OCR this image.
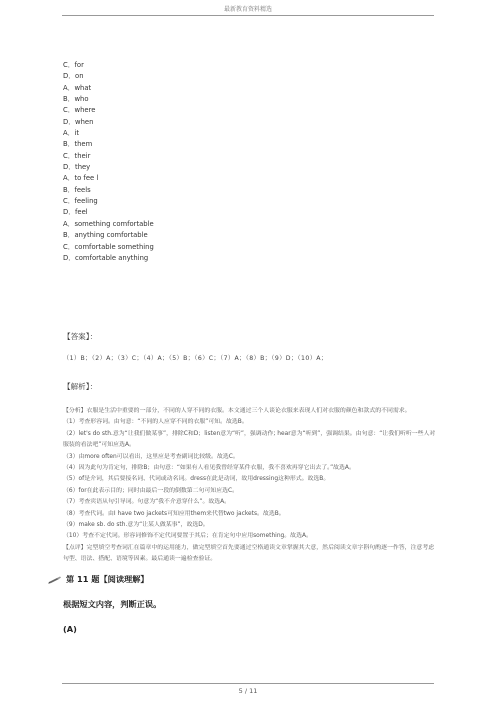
最新教育资料精选
C．for
D．on
A．what
B．who
C．where
D．when
A．it
B．them
C．their
D．they
A．to fee l
B．feels
C．feeling
D．feel
A．something comfortable
B．anything comfortable
C．comfortable something
D．comfortable anything
【答案】：
（1）B；（2）A；（3）C；（4）A；（5）B；（6）C；（7）A；（8）B；（9）D；（10）A；
【解析】：

【分析】衣服是生活中重要的一部分，不同的人穿不同的衣服。本文通过三个人谈论衣服来表现人们对衣服的颜色和款式的不同需求。

（1）考查形容词。由句意：“不同的人应穿不同的衣服”可知。故选B。

（2）let's do sth.意为“让我们做某事”，排除C和D；listen意为“听”，强调动作; hear意为“听到”，强调结果。由句意：“让我们听听一些人对服装的看法吧”可知应选A。

（3）由more often可以看出，这里应是考查副词比较级。故选C。

（4）因为此句为肯定句，排除B；由句意：“如果有人看见我曾经穿某件衣服，我不喜欢再穿它出去了。”故选A。

（5）of是介词，其后要接名词、代词或动名词。dress在此是动词，故用dressing这种形式。故选B。

（6）for在此表示目的；同时由最后一段的倒数第二句可知应选C。

（7）考查宾语从句引导词。句意为“我不介意穿什么”。故选A。

（8）考查代词。由I have two jackets可知应用them来代替two jackets。故选B。

（9）make sb. do sth.意为“让某人做某事”，故选D。

（10）考查不定代词。形容词修饰不定代词要置于其后；在肯定句中应用something。故选A。

【点评】完型填空考查词汇在篇章中的运用能力，做完型填空首先要通过空格通读文章掌握其大意，然后阅读文章字斟句酌逐一作答，注意考虑句型、语法、搭配、语境等因素。最后通读一遍检查验证。

第 11 题【阅读理解】
根据短文内容，判断正误。
(A)
5 / 11
